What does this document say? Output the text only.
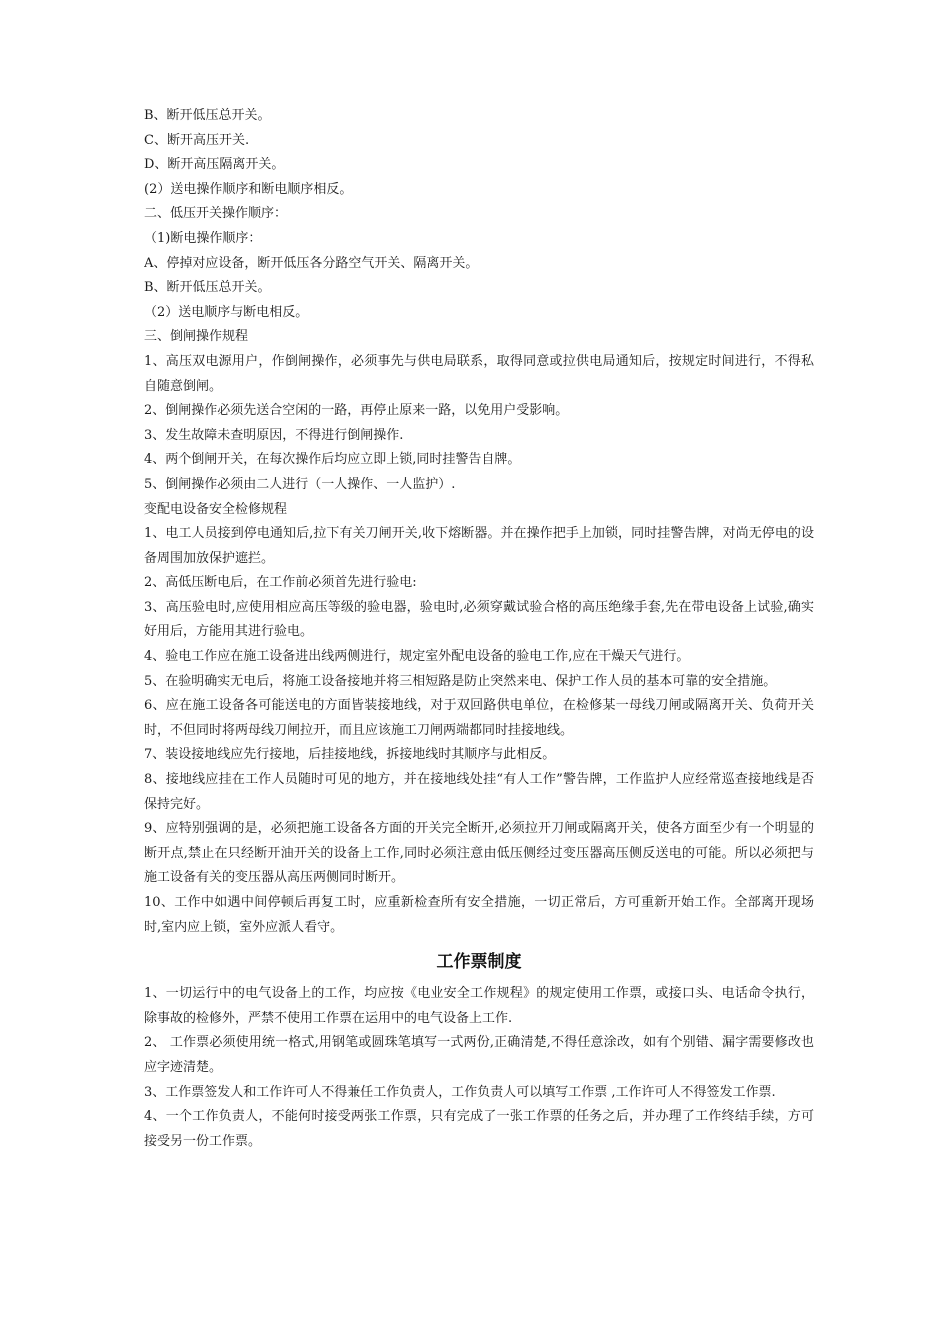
B、断开低压总开关。
C、断开高压开关.
D、断开高压隔离开关。
(2）送电操作顺序和断电顺序相反。
二、低压开关操作顺序：
（1)断电操作顺序：
A、停掉对应设备，断开低压各分路空气开关、隔离开关。
B、断开低压总开关。
（2）送电顺序与断电相反。
三、倒闸操作规程
1、高压双电源用户，作倒闸操作，必须事先与供电局联系，取得同意或拉供电局通知后，按规定时间进行，不得私自随意倒闸。
2、倒闸操作必须先送合空闲的一路，再停止原来一路，以免用户受影响。
3、发生故障未查明原因，不得进行倒闸操作.
4、两个倒闸开关，在每次操作后均应立即上锁,同时挂警告自牌。
5、倒闸操作必须由二人进行（一人操作、一人监护）.
变配电设备安全检修规程
1、电工人员接到停电通知后,拉下有关刀闸开关,收下熔断器。并在操作把手上加锁，同时挂警告牌，对尚无停电的设备周围加放保护遮拦。
2、高低压断电后，在工作前必须首先进行验电:
3、高压验电时,应使用相应高压等级的验电器，验电时,必须穿戴试验合格的高压绝缘手套,先在带电设备上试验,确实好用后，方能用其进行验电。
4、验电工作应在施工设备进出线两侧进行，规定室外配电设备的验电工作,应在干燥天气进行。
5、在验明确实无电后，将施工设备接地并将三相短路是防止突然来电、保护工作人员的基本可靠的安全措施。
6、应在施工设备各可能送电的方面皆装接地线，对于双回路供电单位，在检修某一母线刀闸或隔离开关、负荷开关时，不但同时将两母线刀闸拉开，而且应该施工刀闸两端都同时挂接地线。
7、装设接地线应先行接地，后挂接地线，拆接地线时其顺序与此相反。
8、接地线应挂在工作人员随时可见的地方，并在接地线处挂“有人工作”警告牌，工作监护人应经常巡查接地线是否保持完好。
9、应特别强调的是，必须把施工设备各方面的开关完全断开,必须拉开刀闸或隔离开关，使各方面至少有一个明显的断开点,禁止在只经断开油开关的设备上工作,同时必须注意由低压侧经过变压器高压侧反送电的可能。所以必须把与施工设备有关的变压器从高压两侧同时断开。
10、工作中如遇中间停顿后再复工时，应重新检查所有安全措施，一切正常后，方可重新开始工作。全部离开现场时,室内应上锁，室外应派人看守。
工作票制度
1、一切运行中的电气设备上的工作，均应按《电业安全工作规程》的规定使用工作票，或接口头、电话命令执行，除事故的检修外，严禁不使用工作票在运用中的电气设备上工作.
2、 工作票必须使用统一格式,用钢笔或圆珠笔填写一式两份,正确清楚,不得任意涂改，如有个别错、漏字需要修改也应字迹清楚。
3、工作票签发人和工作许可人不得兼任工作负责人，工作负责人可以填写工作票 ,工作许可人不得签发工作票.
4、一个工作负责人，不能何时接受两张工作票，只有完成了一张工作票的任务之后，并办理了工作终结手续，方可接受另一份工作票。
